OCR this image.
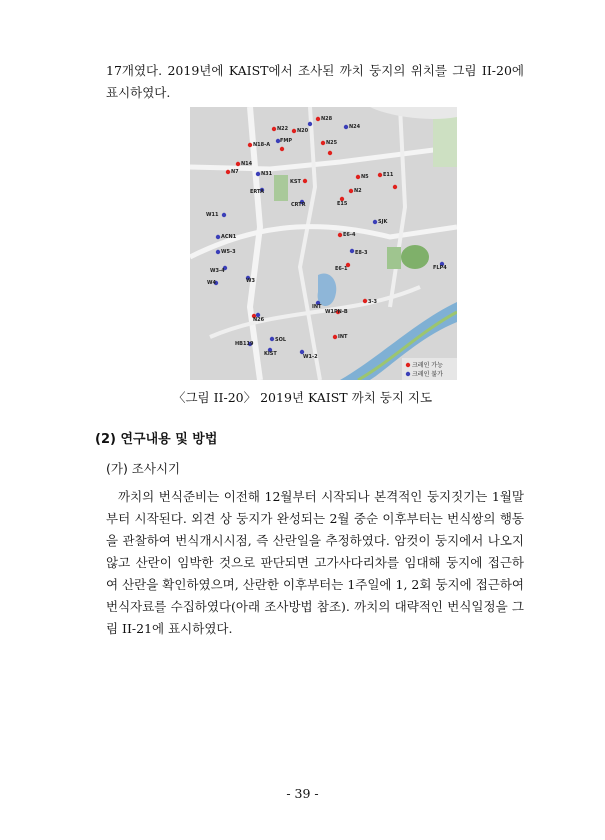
17개였다. 2019년에 KAIST에서 조사된 까치 둥지의 위치를 그림 II-20에 표시하였다.
N28
N22 N20
N25
N18-A
N14
N7
KST
N5
N2
E11
E15
E6-4
E6-1
3-3
W1PN-B
INT
N24
FMP
N31
ERTA
CRTR
W11
ACN1
W5-3
W3-4
W4	W3
N26
INT
SJK
E8-3
HB119
KIST
SOL
W1-2
FLP4
크레인 가능
크레인 불가
〈그림 II-20〉 2019년 KAIST 까치 둥지 지도
(2) 연구내용 및 방법
(가) 조사시기

까치의 번식준비는 이전해 12월부터 시작되나 본격적인 둥지짓기는 1월말부터 시작된다. 외견 상 둥지가 완성되는 2월 중순 이후부터는 번식쌍의 행동을 관찰하여 번식개시시점, 즉 산란일을 추정하였다. 암컷이 둥지에서 나오지 않고 산란이 임박한 것으로 판단되면 고가사다리차를 임대해 둥지에 접근하여 산란을 확인하였으며, 산란한 이후부터는 1주일에 1, 2회 둥지에 접근하여 번식자료를 수집하였다(아래 조사방법 참조). 까치의 대략적인 번식일정을 그림 II-21에 표시하였다.

- 39 -
